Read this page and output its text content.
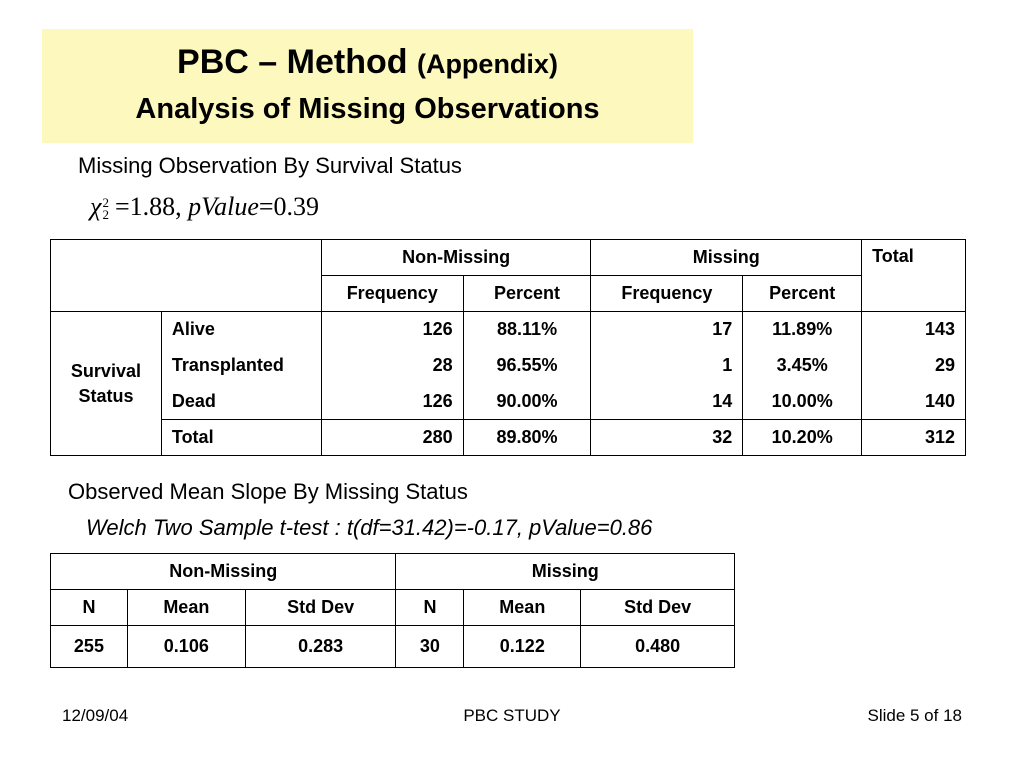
PBC – Method (Appendix)
Analysis of Missing Observations
Missing Observation By Survival Status
χ2
2 =1.88, pValue=0.39
		Non-Missing		Missing		Total
		Frequency	Percent	Frequency	Percent	
Survival Status	Alive	126	88.11%	17	11.89%	143
	Transplanted	28	96.55%	1	3.45%	29
	Dead	126	90.00%	14	10.00%	140
	Total	280	89.80%	32	10.20%	312
Observed Mean Slope By Missing Status
Welch Two Sample t-test : t(df=31.42)=-0.17, pValue=0.86
Non-Missing			Missing		
N	Mean	Std Dev	N	Mean	Std Dev
255	0.106	0.283	30	0.122	0.480
12/09/04	PBC STUDY	Slide 5 of 18
